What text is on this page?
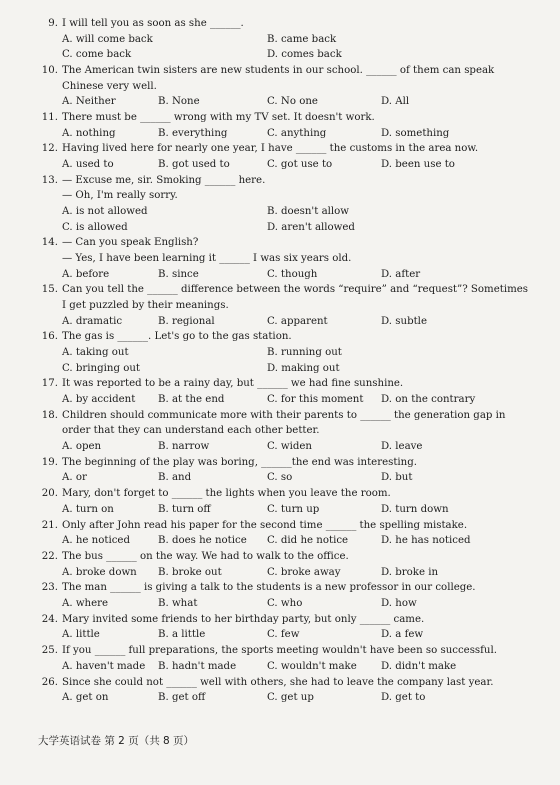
9. I will tell you as soon as she ______.
A. will come back	B. came back
C. come back	D. comes back
10. The American twin sisters are new students in our school. ______ of them can speak
Chinese very well.
A. Neither	B. None	C. No one	D. All
11. There must be ______ wrong with my TV set. It doesn't work.
A. nothing	B. everything	C. anything	D. something
12. Having lived here for nearly one year, I have ______ the customs in the area now.
A. used to	B. got used to	C. got use to	D. been use to
13. — Excuse me, sir. Smoking ______ here.
— Oh, I'm really sorry.
A. is not allowed	B. doesn't allow
C. is allowed	D. aren't allowed
14. — Can you speak English?
— Yes, I have been learning it ______ I was six years old.
A. before	B. since	C. though	D. after
15. Can you tell the ______ difference between the words “require” and “request”? Sometimes
I get puzzled by their meanings.
A. dramatic	B. regional	C. apparent	D. subtle
16. The gas is ______. Let's go to the gas station.
A. taking out	B. running out
C. bringing out	D. making out
17. It was reported to be a rainy day, but ______ we had fine sunshine.
A. by accident B. at the end	C. for this moment D. on the contrary
18. Children should communicate more with their parents to ______ the generation gap in
order that they can understand each other better.
A. open	B. narrow	C. widen	D. leave
19. The beginning of the play was boring, ______the end was interesting.
A. or	B. and	C. so	D. but
20. Mary, don't forget to ______ the lights when you leave the room.
A. turn on	B. turn off	C. turn up	D. turn down
21. Only after John read his paper for the second time ______ the spelling mistake.
A. he noticed	B. does he notice C. did he notice	D. he has noticed
22. The bus ______ on the way. We had to walk to the office.
A. broke down B. broke out	C. broke away	D. broke in
23. The man ______ is giving a talk to the students is a new professor in our college.
A. where	B. what	C. who	D. how
24. Mary invited some friends to her birthday party, but only ______ came.
A. little	B. a little	C. few	D. a few
25. If you ______ full preparations, the sports meeting wouldn't have been so successful.
A. haven't made B. hadn't made	C. wouldn't make D. didn't make
26. Since she could not ______ well with others, she had to leave the company last year.
A. get on	B. get off	C. get up	D. get to
大学英语试卷 第 2 页（共 8 页）
